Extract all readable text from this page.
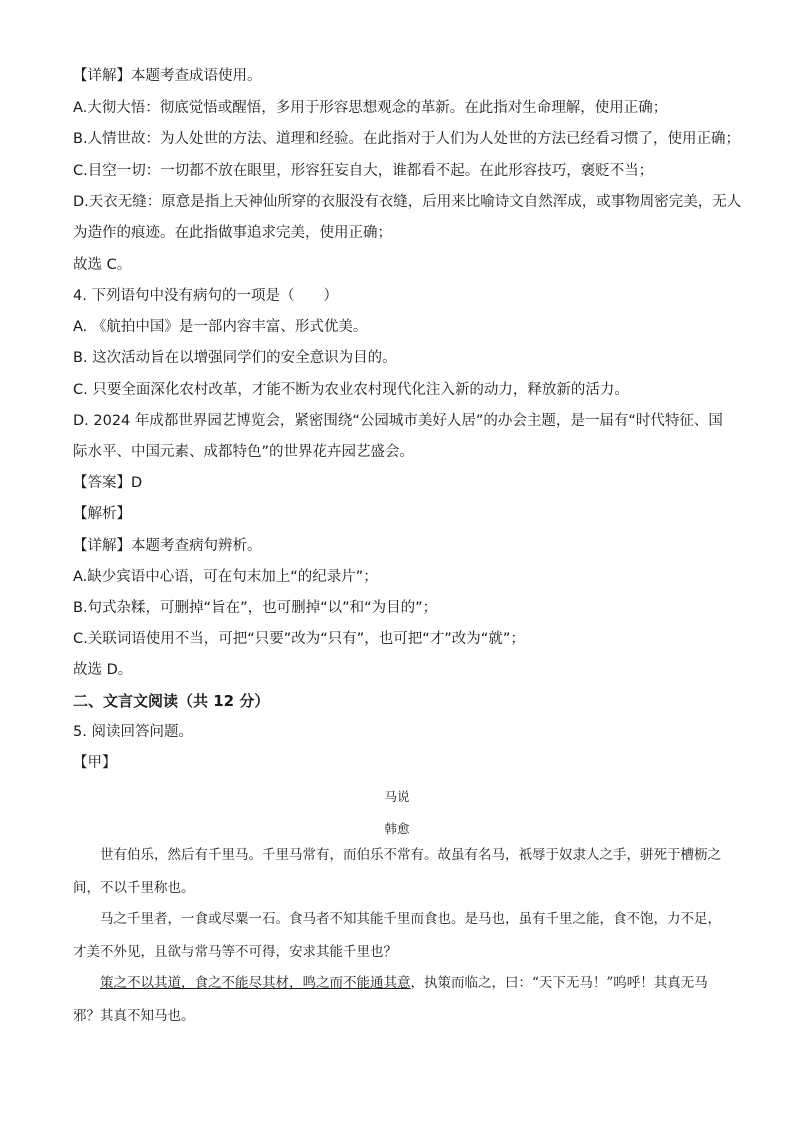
【详解】本题考查成语使用。
A.大彻大悟：彻底觉悟或醒悟，多用于形容思想观念的革新。在此指对生命理解，使用正确；
B.人情世故：为人处世的方法、道理和经验。在此指对于人们为人处世的方法已经看习惯了，使用正确；
C.目空一切：一切都不放在眼里，形容狂妄自大，谁都看不起。在此形容技巧，褒贬不当；
D.天衣无缝：原意是指上天神仙所穿的衣服没有衣缝，后用来比喻诗文自然浑成，或事物周密完美，无人
为造作的痕迹。在此指做事追求完美，使用正确；
故选 C。
4. 下列语句中没有病句的一项是（　　）
A. 《航拍中国》是一部内容丰富、形式优美。
B. 这次活动旨在以增强同学们的安全意识为目的。
C. 只要全面深化农村改革，才能不断为农业农村现代化注入新的动力，释放新的活力。
D. 2024 年成都世界园艺博览会，紧密围绕“公园城市美好人居”的办会主题，是一届有“时代特征、国
际水平、中国元素、成都特色”的世界花卉园艺盛会。
【答案】D
【解析】
【详解】本题考查病句辨析。
A.缺少宾语中心语，可在句末加上“的纪录片”；
B.句式杂糅，可删掉“旨在”，也可删掉“以”和“为目的”；
C.关联词语使用不当，可把“只要”改为“只有”，也可把“才”改为“就”；
故选 D。
二、文言文阅读（共 12 分）
5. 阅读回答问题。
【甲】
马说
韩愈
世有伯乐，然后有千里马。千里马常有，而伯乐不常有。故虽有名马，祇辱于奴隶人之手，骈死于槽枥之间，不以千里称也。
马之千里者，一食或尽粟一石。食马者不知其能千里而食也。是马也，虽有千里之能，食不饱，力不足，才美不外见，且欲与常马等不可得，安求其能千里也？
策之不以其道，食之不能尽其材，鸣之而不能通其意，执策而临之，曰：“天下无马！”呜呼！其真无马邪？其真不知马也。
